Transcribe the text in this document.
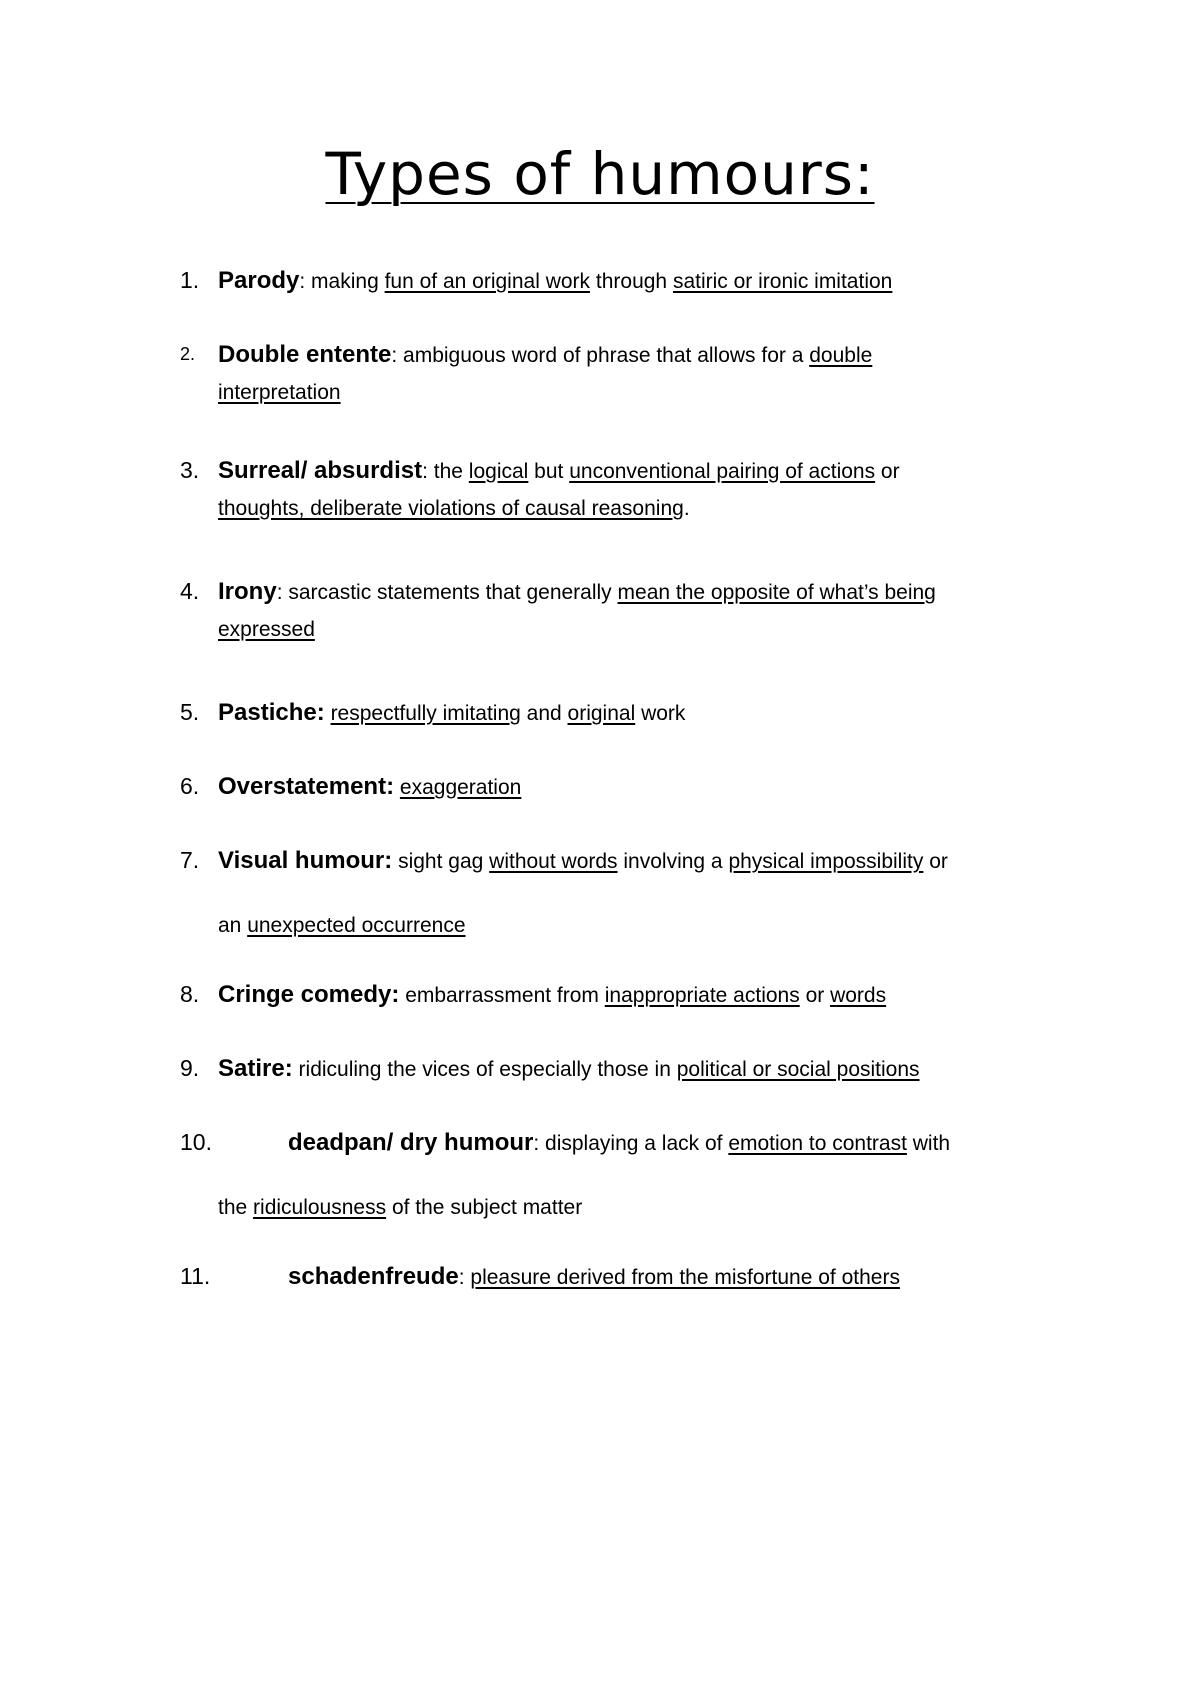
Types of humours:
1. Parody: making fun of an original work through satiric or ironic imitation
2. Double entente: ambiguous word of phrase that allows for a double
interpretation
3. Surreal/ absurdist: the logical but unconventional pairing of actions or
thoughts, deliberate violations of causal reasoning.
4. Irony: sarcastic statements that generally mean the opposite of what’s being
expressed
5. Pastiche: respectfully imitating and original work
6. Overstatement: exaggeration
7. Visual humour: sight gag without words involving a physical impossibility or
an unexpected occurrence
8. Cringe comedy: embarrassment from inappropriate actions or words
9. Satire: ridiculing the vices of especially those in political or social positions
10.	deadpan/ dry humour: displaying a lack of emotion to contrast with
the ridiculousness of the subject matter
11.	schadenfreude: pleasure derived from the misfortune of others
